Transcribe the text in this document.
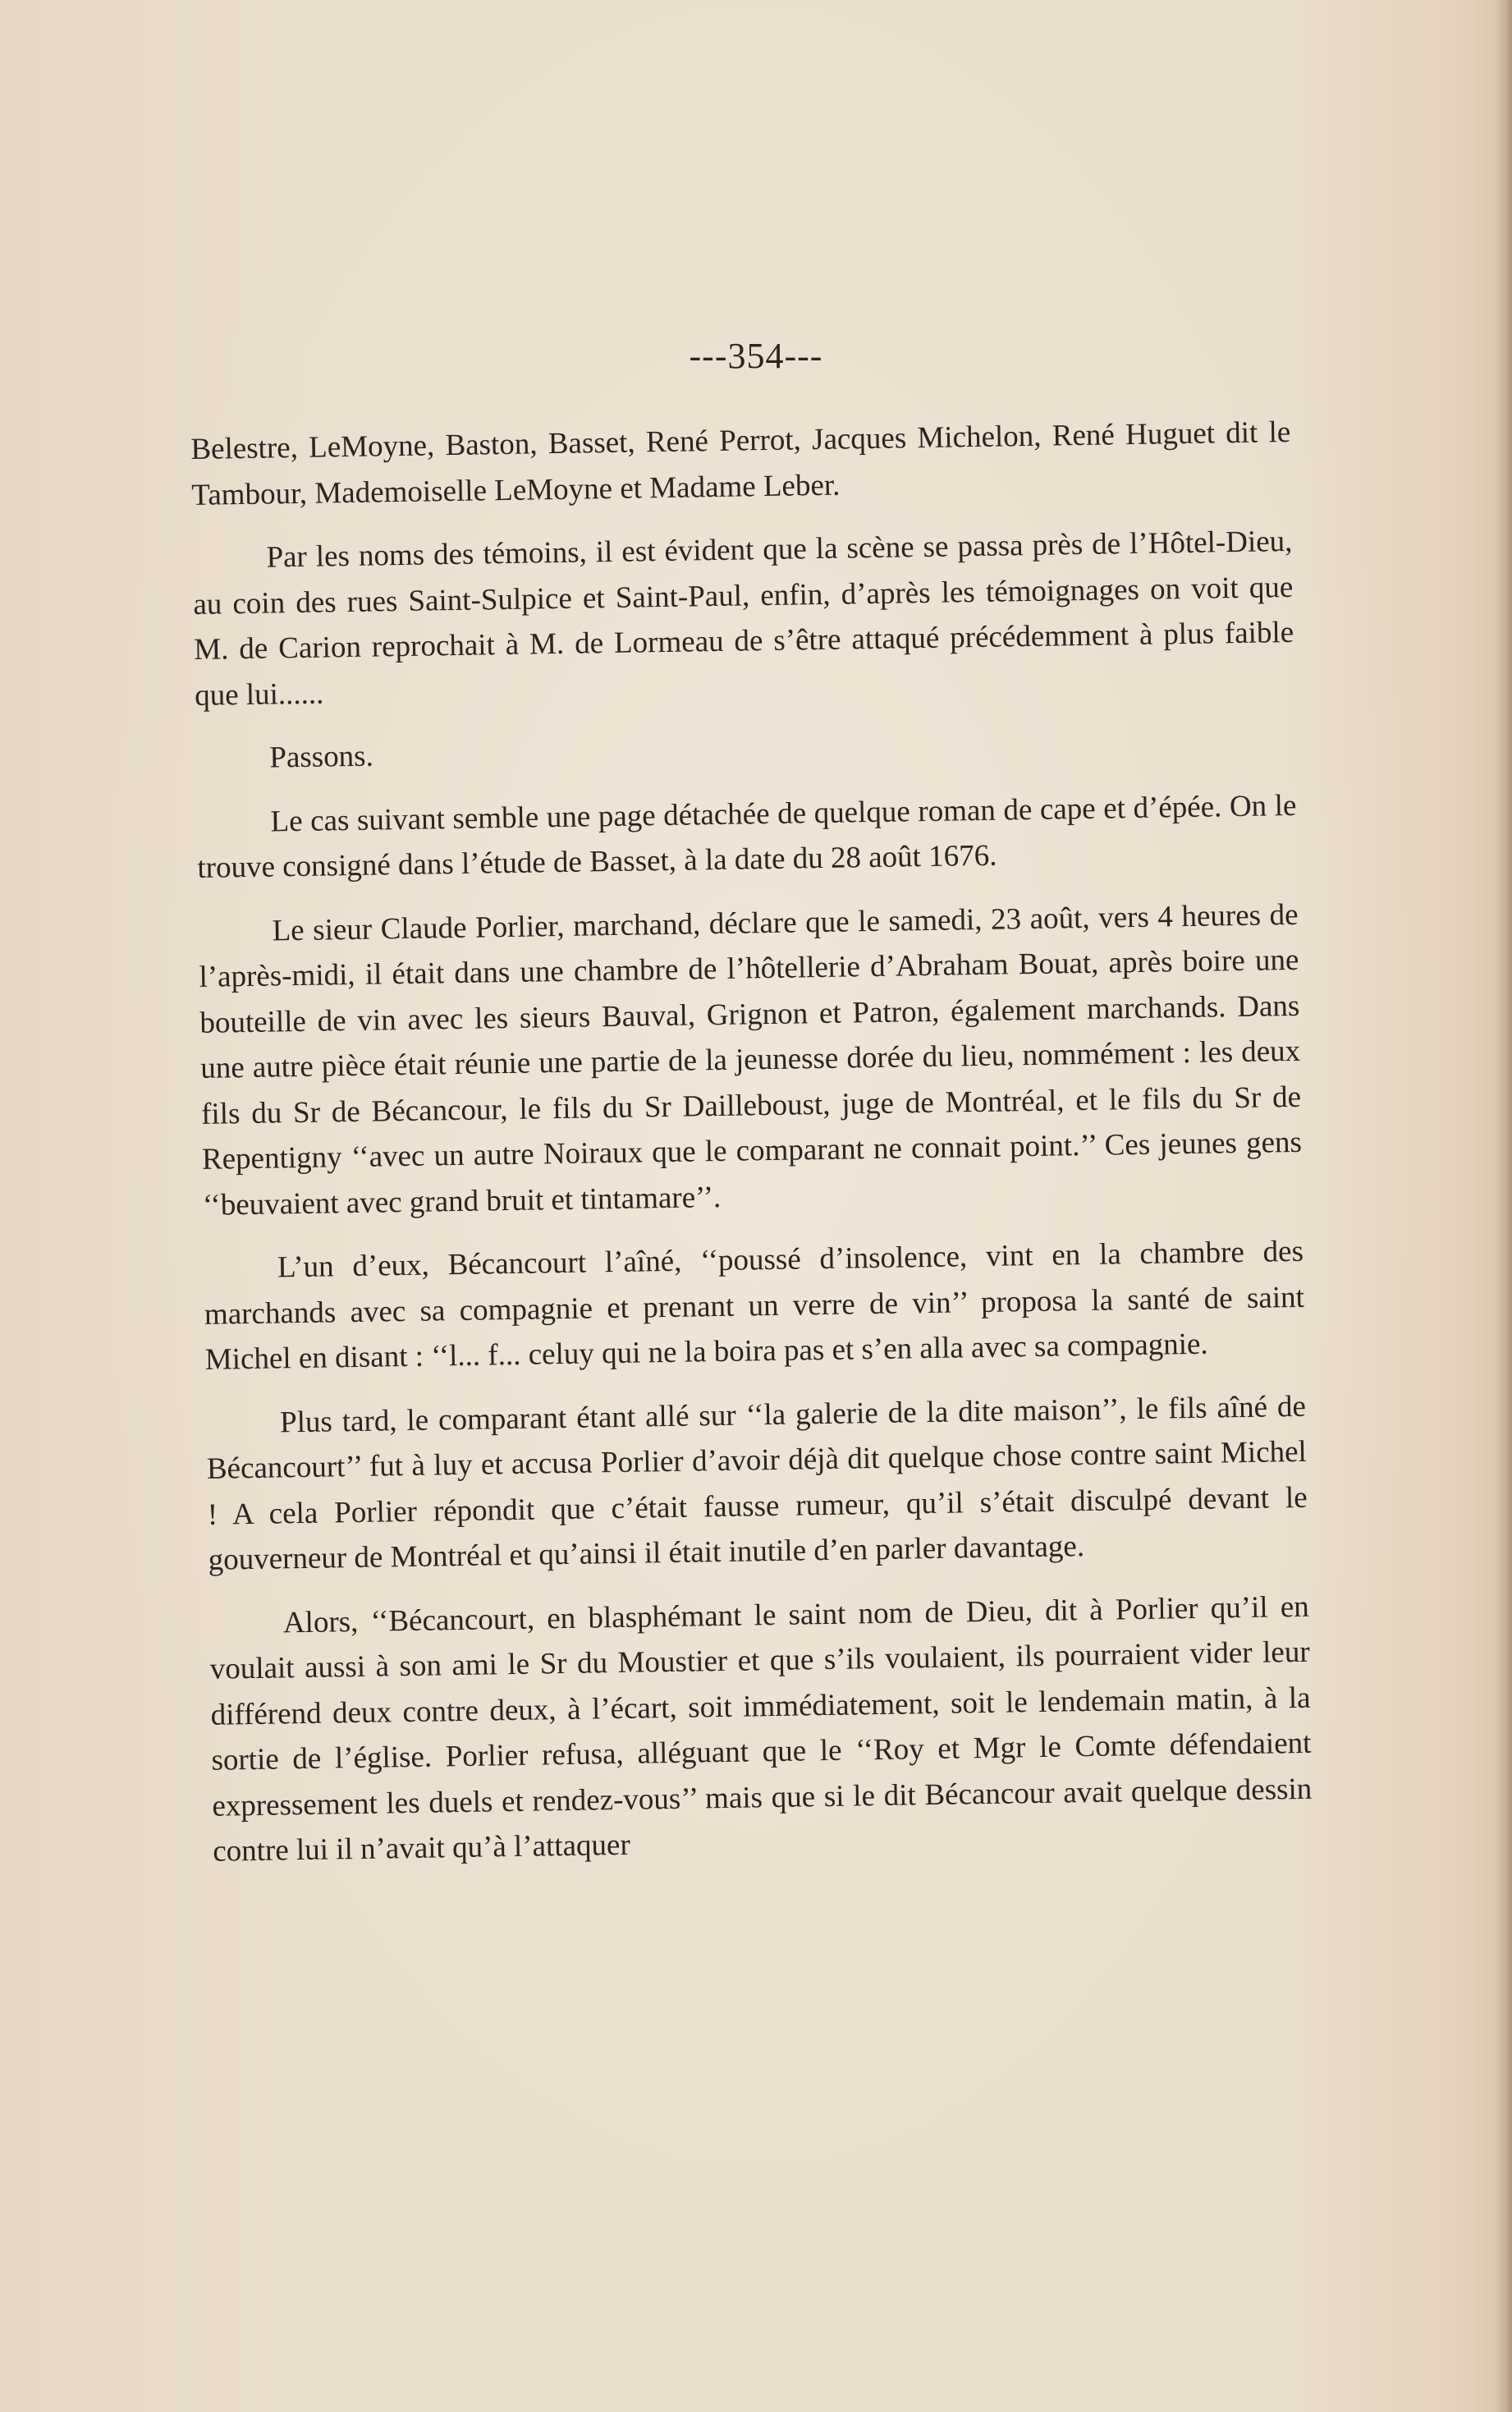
---354---

Belestre, LeMoyne, Baston, Basset, René Perrot, Jacques Michelon, René Huguet dit le Tambour, Mademoiselle LeMoyne et Madame Leber.

Par les noms des témoins, il est évident que la scène se passa près de l’Hôtel-Dieu, au coin des rues Saint-Sulpice et Saint-Paul, enfin, d’après les témoignages on voit que M. de Carion reprochait à M. de Lormeau de s’être attaqué précédemment à plus faible que lui......

Passons.

Le cas suivant semble une page détachée de quelque roman de cape et d’épée. On le trouve consigné dans l’étude de Basset, à la date du 28 août 1676.

Le sieur Claude Porlier, marchand, déclare que le samedi, 23 août, vers 4 heures de l’après-midi, il était dans une chambre de l’hôtellerie d’Abraham Bouat, après boire une bouteille de vin avec les sieurs Bauval, Grignon et Patron, également marchands. Dans une autre pièce était réunie une partie de la jeunesse dorée du lieu, nommément : les deux fils du Sr de Bécancour, le fils du Sr Dailleboust, juge de Montréal, et le fils du Sr de Repentigny ‘‘avec un autre Noiraux que le comparant ne connait point.’’ Ces jeunes gens ‘‘beuvaient avec grand bruit et tintamare’’.

L’un d’eux, Bécancourt l’aîné, ‘‘poussé d’insolence, vint en la chambre des marchands avec sa compagnie et prenant un verre de vin’’ proposa la santé de saint Michel en disant : ‘‘l... f... celuy qui ne la boira pas et s’en alla avec sa compagnie.

Plus tard, le comparant étant allé sur ‘‘la galerie de la dite maison’’, le fils aîné de Bécancourt’’ fut à luy et accusa Porlier d’avoir déjà dit quelque chose contre saint Michel ! A cela Porlier répondit que c’était fausse rumeur, qu’il s’était disculpé devant le gouverneur de Montréal et qu’ainsi il était inutile d’en parler davantage.

Alors, ‘‘Bécancourt, en blasphémant le saint nom de Dieu, dit à Porlier qu’il en voulait aussi à son ami le Sr du Moustier et que s’ils voulaient, ils pourraient vider leur différend deux contre deux, à l’écart, soit immédiatement, soit le lendemain matin, à la sortie de l’église. Porlier refusa, alléguant que le ‘‘Roy et Mgr le Comte défendaient expressement les duels et rendez-vous’’ mais que si le dit Bécancour avait quelque dessin contre lui il n’avait qu’à l’attaquer
